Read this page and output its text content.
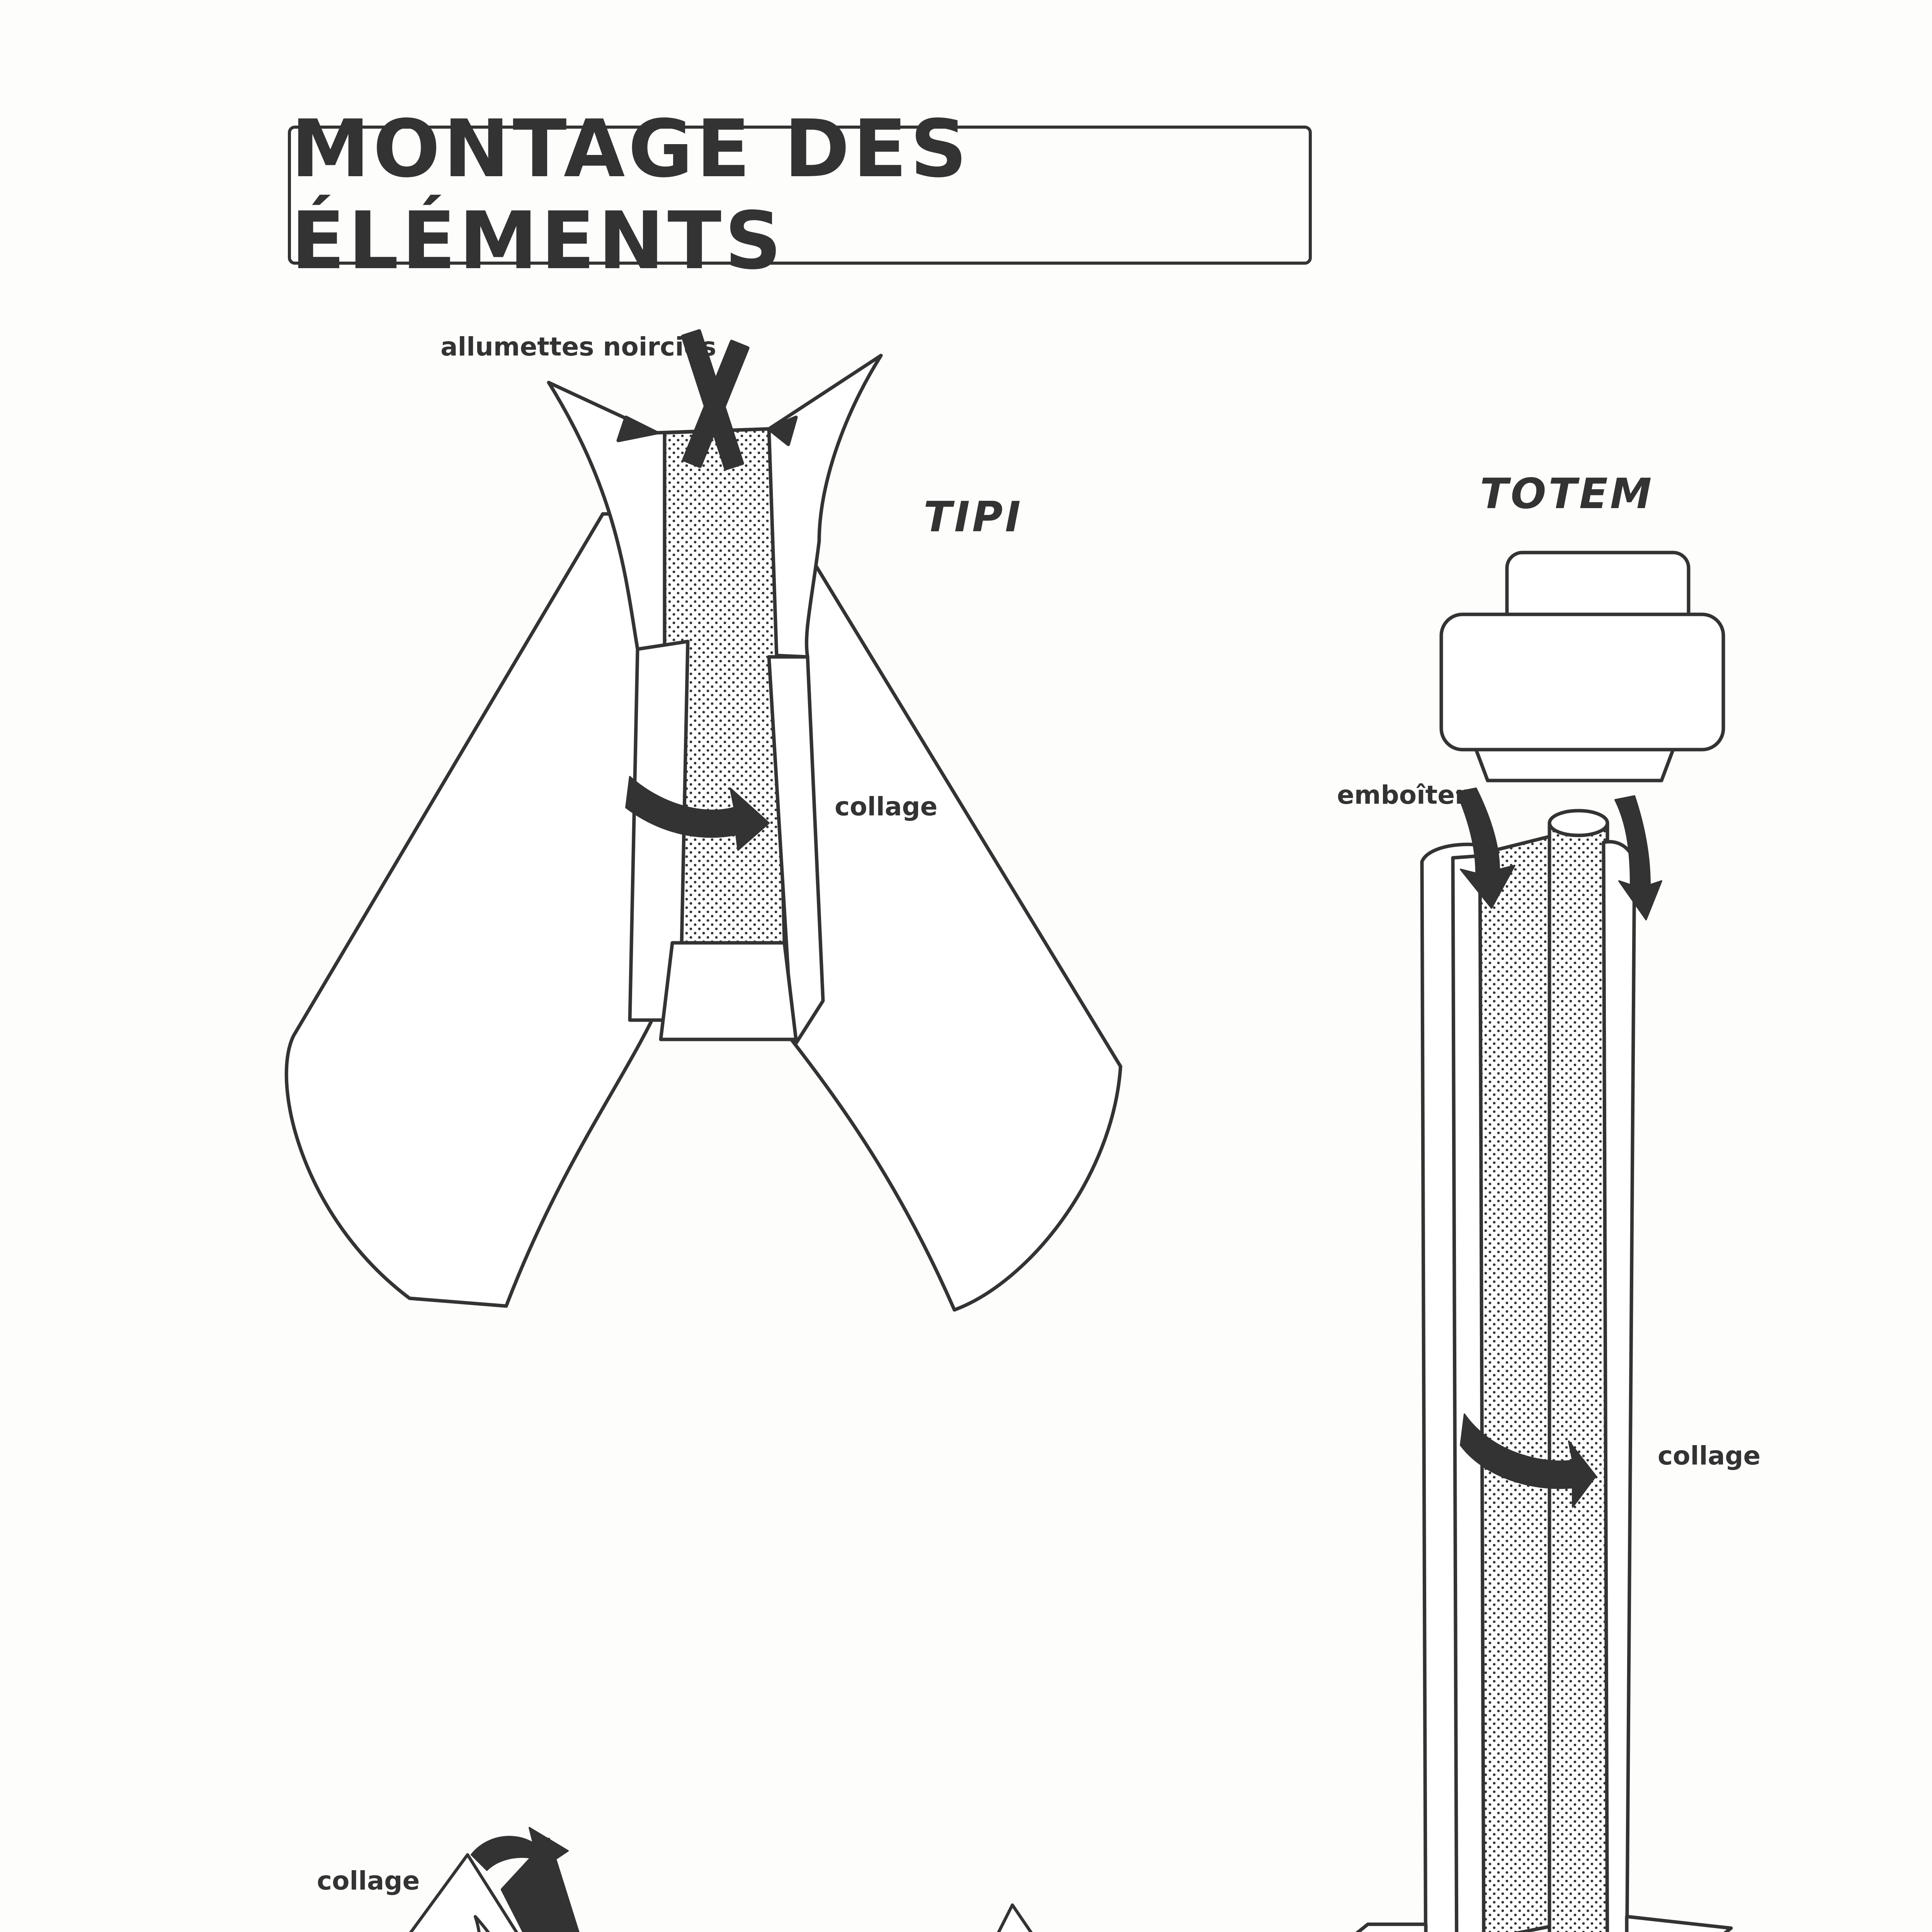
MONTAGE DES ÉLÉMENTS
allumettes noircies
collage
TIPI	TOTEM
emboîter
collage
collage
